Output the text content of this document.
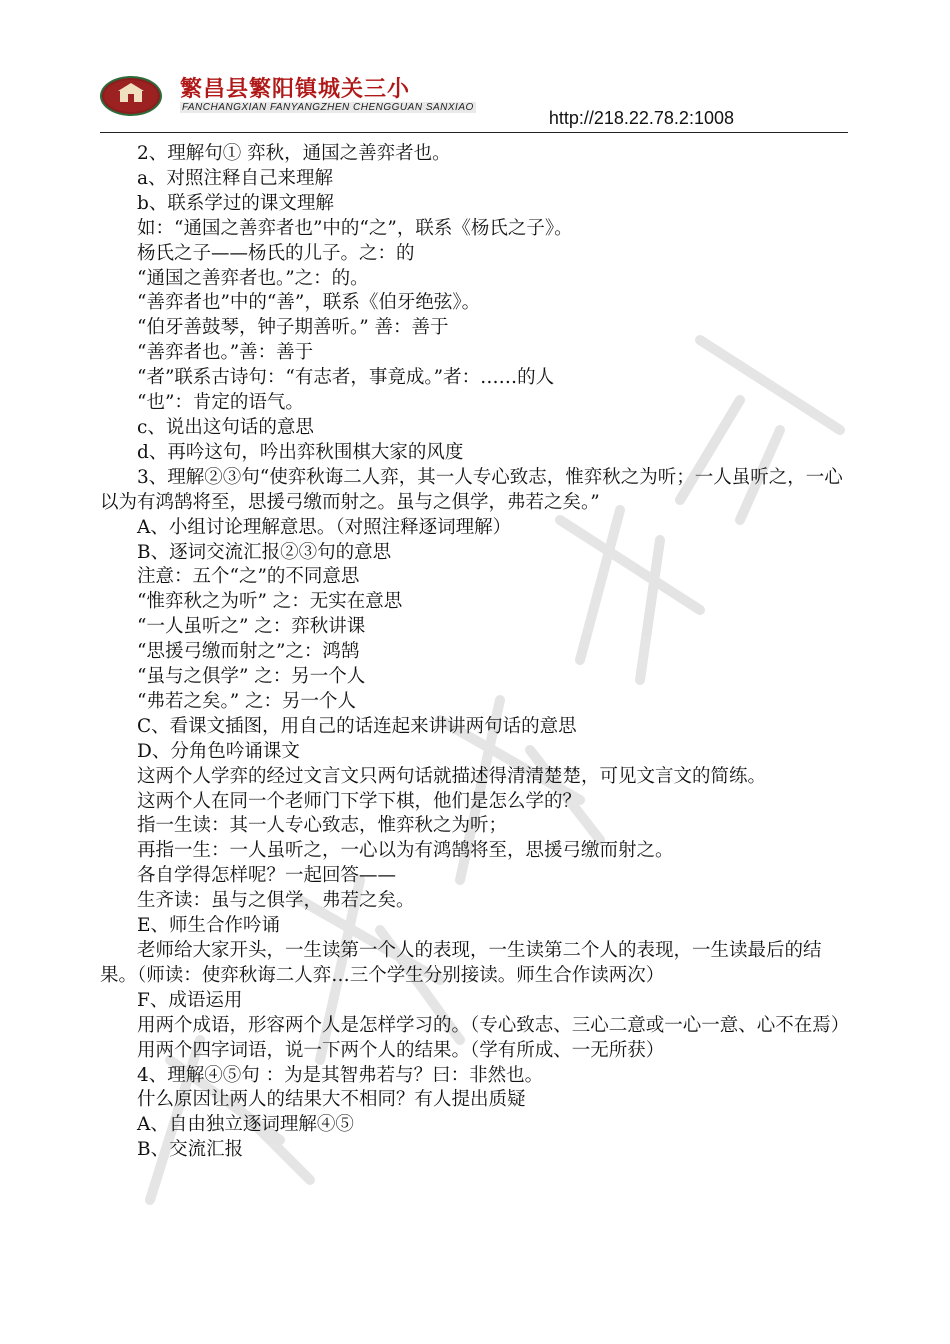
繁昌县繁阳镇城关三小
FANCHANGXIAN FANYANGZHEN CHENGGUAN SANXIAO
http://218.22.78.2:1008

2、理解句① 弈秋，通国之善弈者也。

a、对照注释自己来理解

b、联系学过的课文理解

如：“通国之善弈者也”中的“之”，联系《杨氏之子》。

杨氏之子——杨氏的儿子。之：的

“通国之善弈者也。”之：的。

“善弈者也”中的“善”，联系《伯牙绝弦》。

“伯牙善鼓琴，钟子期善听。” 善：善于

“善弈者也。”善：善于

“者”联系古诗句：“有志者，事竟成。”者：……的人

“也”：肯定的语气。

c、说出这句话的意思

d、再吟这句，吟出弈秋围棋大家的风度

3、理解②③句“使弈秋诲二人弈，其一人专心致志，惟弈秋之为听；一人虽听之，一心以为有鸿鹄将至，思援弓缴而射之。虽与之俱学，弗若之矣。”

A、小组讨论理解意思。（对照注释逐词理解）

B、逐词交流汇报②③句的意思

注意：五个“之”的不同意思

“惟弈秋之为听” 之：无实在意思

“一人虽听之” 之：弈秋讲课

“思援弓缴而射之”之：鸿鹄

“虽与之俱学” 之：另一个人

“弗若之矣。” 之：另一个人

C、看课文插图，用自己的话连起来讲讲两句话的意思

D、分角色吟诵课文

这两个人学弈的经过文言文只两句话就描述得清清楚楚，可见文言文的简练。

这两个人在同一个老师门下学下棋，他们是怎么学的？

指一生读：其一人专心致志，惟弈秋之为听；

再指一生：一人虽听之，一心以为有鸿鹄将至，思援弓缴而射之。

各自学得怎样呢？一起回答——

生齐读：虽与之俱学，弗若之矣。

E、师生合作吟诵

老师给大家开头，一生读第一个人的表现，一生读第二个人的表现，一生读最后的结果。（师读：使弈秋诲二人弈…三个学生分别接读。师生合作读两次）

F、成语运用

用两个成语，形容两个人是怎样学习的。（专心致志、三心二意或一心一意、心不在焉）

用两个四字词语，说一下两个人的结果。（学有所成、一无所获）

4、理解④⑤句 ：为是其智弗若与？曰：非然也。

什么原因让两人的结果大不相同？有人提出质疑

A、自由独立逐词理解④⑤

B、交流汇报
